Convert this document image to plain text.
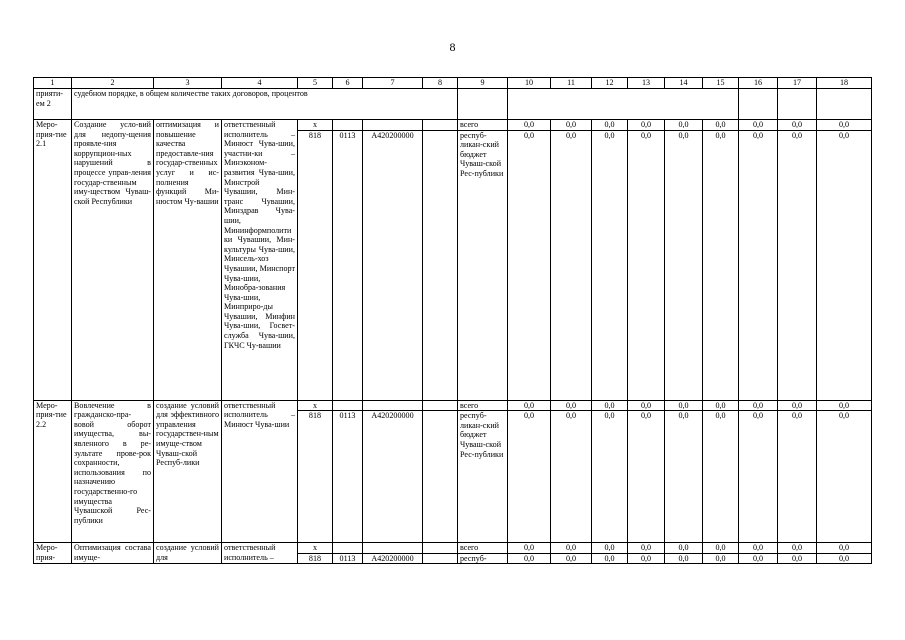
8
1	2	3	4	5	6	7	8	9	10	11	12	13	14	15	16	17	18
прияти-ем 2	судебном порядке, в общем количестве таких договоров, процентов																
Меро-прия-тие 2.1	Создание усло-вий для недопу-щения проявле-ния коррупцион-ных нарушений в процессе управ-ления государ-ственным иму-ществом Чуваш-ской Республики	оптимизация и повышение качества предоставле-ния государ-ственных услуг и ис-полнения функций Ми-нюстом Чу-вашии	ответственный исполнитель – Минюст Чува-шии, участни-ки – Минэконом-развития Чува-шии, Минстрой Чувашии, Мин-транс Чувашии, Минздрав Чува-шии, Мининформполитики Чувашии, Мин-культуры Чува-шии, Минсель-хоз Чувашии, Минспорт Чува-шии, Минобра-зования Чува-шии, Минприро-ды Чувашии, Минфин Чува-шии, Госвет-служба Чува-шии, ГКЧС Чу-вашии	x				всего	0,0	0,0	0,0	0,0	0,0	0,0	0,0	0,0	0,0
				818	0113	А420200000		респуб-ликан-ский бюджет Чуваш-ской Рес-публики	0,0	0,0	0,0	0,0	0,0	0,0	0,0	0,0	0,0
Меро-прия-тие 2.2	Вовлечение в гражданско-пра-вовой оборот имущества, вы-явленного в ре-зультате прове-рок сохранности, использования по назначению государственно-го имущества Чувашской Рес-публики	создание условий для эффективного управления государствен-ным имуще-ством Чуваш-ской Респуб-лики	ответственный исполнитель – Минюст Чува-шии	x				всего	0,0	0,0	0,0	0,0	0,0	0,0	0,0	0,0	0,0
				818	0113	А420200000		респуб-ликан-ский бюджет Чуваш-ской Рес-публики	0,0	0,0	0,0	0,0	0,0	0,0	0,0	0,0	0,0
Меро-прия-	Оптимизация состава имуще-	создание условий для	ответственный исполнитель –	x				всего	0,0	0,0	0,0	0,0	0,0	0,0	0,0	0,0	0,0
				818	0113	А420200000		респуб-	0,0	0,0	0,0	0,0	0,0	0,0	0,0	0,0	0,0
